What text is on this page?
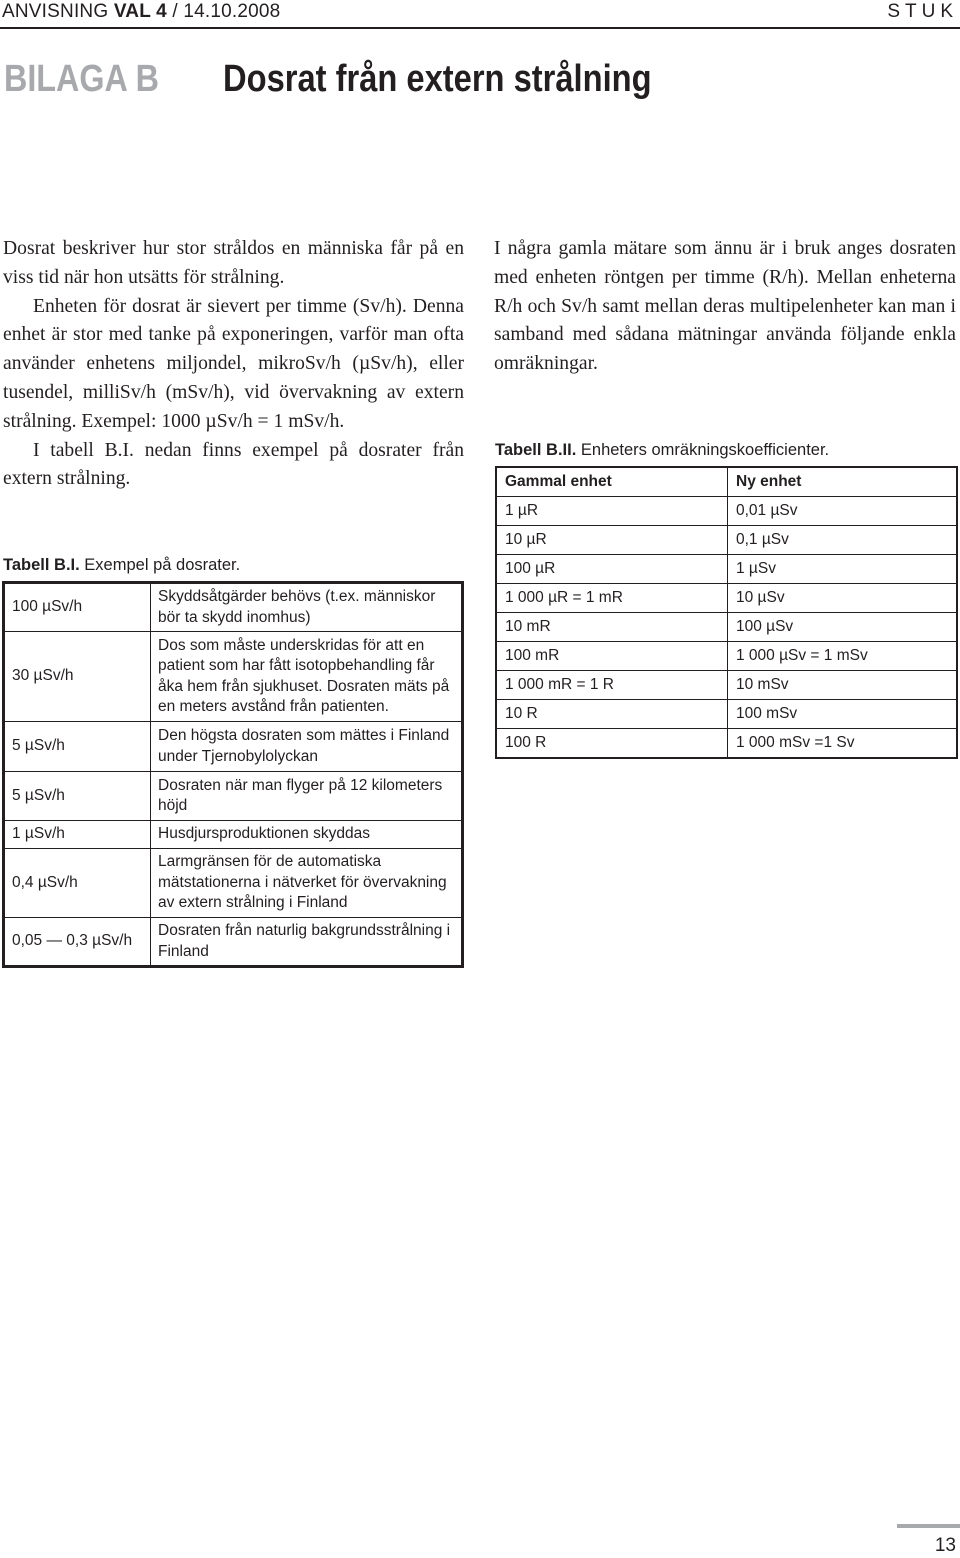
ANVISNING VAL 4 / 14.10.2008	STUK
BILAGA B Dosrat från extern strålning

Dosrat beskriver hur stor stråldos en människa får på en viss tid när hon utsätts för strålning.

Enheten för dosrat är sievert per timme (Sv/h). Denna enhet är stor med tanke på exponeringen, varför man ofta använder enhetens miljondel, mikroSv/h (µSv/h), eller tusendel, milliSv/h (mSv/h), vid övervakning av extern strålning. Exempel: 1000 µSv/h = 1 mSv/h.

I tabell B.I. nedan finns exempel på dosrater från extern strålning.

Tabell B.I. Exempel på dosrater.
100 µSv/h	Skyddsåtgärder behövs (t.ex. människor bör ta skydd inomhus)
30 µSv/h	Dos som måste underskridas för att en patient som har fått isotopbehandling får åka hem från sjukhuset. Dosraten mäts på en meters avstånd från patienten.
5 µSv/h	Den högsta dosraten som mättes i Finland under Tjernobylolyckan
5 µSv/h	Dosraten när man flyger på 12 kilometers höjd
1 µSv/h	Husdjursproduktionen skyddas
0,4 µSv/h	Larmgränsen för de automatiska mätstationerna i nätverket för övervakning av extern strålning i Finland
0,05 — 0,3 µSv/h	Dosraten från naturlig bakgrundsstrålning i Finland

I några gamla mätare som ännu är i bruk anges dosraten med enheten röntgen per timme (R/h). Mellan enheterna R/h och Sv/h samt mellan deras multipelenheter kan man i samband med sådana mätningar använda följande enkla omräkningar.

Tabell B.II. Enheters omräkningskoefficienter.
Gammal enhet	Ny enhet
1 µR	0,01 µSv
10 µR	0,1 µSv
100 µR	1 µSv
1 000 µR = 1 mR	10 µSv
10 mR	100 µSv
100 mR	1 000 µSv = 1 mSv
1 000 mR = 1 R	10 mSv
10 R	100 mSv
100 R	1 000 mSv =1 Sv
13
